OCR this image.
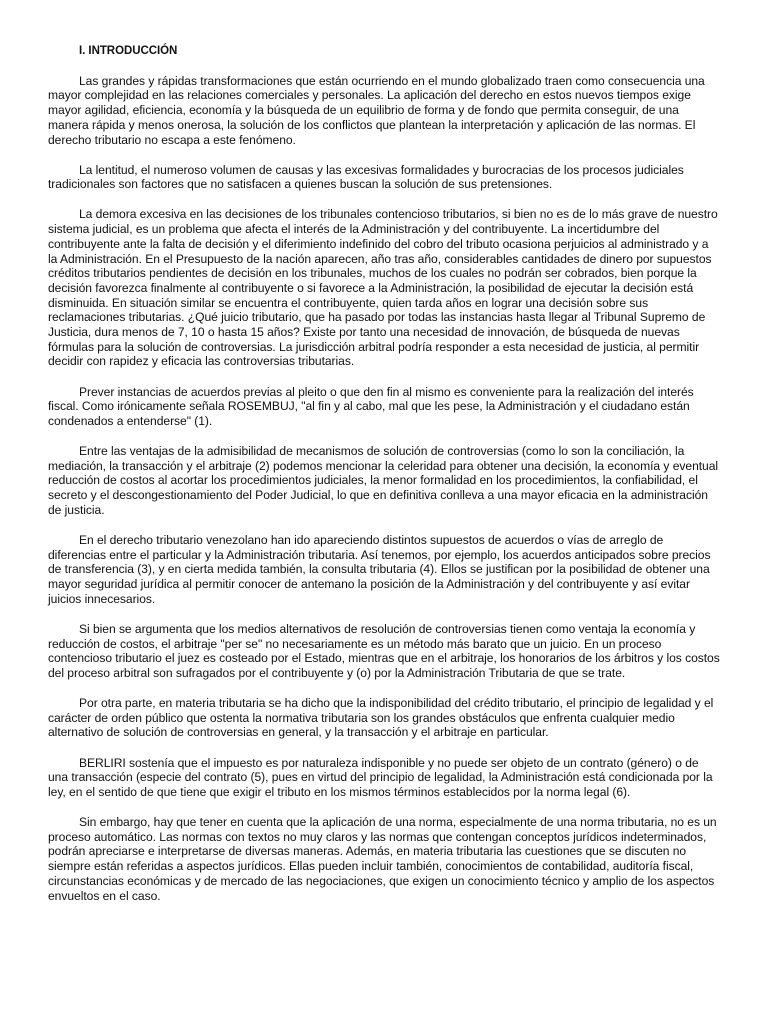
I. INTRODUCCIÓN

Las grandes y rápidas transformaciones que están ocurriendo en el mundo globalizado traen como consecuencia una mayor complejidad en las relaciones comerciales y personales. La aplicación del derecho en estos nuevos tiempos exige mayor agilidad, eficiencia, economía y la búsqueda de un equilibrio de forma y de fondo que permita conseguir, de una manera rápida y menos onerosa, la solución de los conflictos que plantean la interpretación y aplicación de las normas. El derecho tributario no escapa a este fenómeno.

La lentitud, el numeroso volumen de causas y las excesivas formalidades y burocracias de los procesos judiciales tradicionales son factores que no satisfacen a quienes buscan la solución de sus pretensiones.

La demora excesiva en las decisiones de los tribunales contencioso tributarios, si bien no es de lo más grave de nuestro sistema judicial, es un problema que afecta el interés de la Administración y del contribuyente. La incertidumbre del contribuyente ante la falta de decisión y el diferimiento indefinido del cobro del tributo ocasiona perjuicios al administrado y a la Administración. En el Presupuesto de la nación aparecen, año tras año, considerables cantidades de dinero por supuestos créditos tributarios pendientes de decisión en los tribunales, muchos de los cuales no podrán ser cobrados, bien porque la decisión favorezca finalmente al contribuyente o si favorece a la Administración, la posibilidad de ejecutar la decisión está disminuida. En situación similar se encuentra el contribuyente, quien tarda años en lograr una decisión sobre sus reclamaciones tributarias. ¿Qué juicio tributario, que ha pasado por todas las instancias hasta llegar al Tribunal Supremo de Justicia, dura menos de 7, 10 o hasta 15 años? Existe por tanto una necesidad de innovación, de búsqueda de nuevas fórmulas para la solución de controversias. La jurisdicción arbitral podría responder a esta necesidad de justicia, al permitir decidir con rapidez y eficacia las controversias tributarias.

Prever instancias de acuerdos previas al pleito o que den fin al mismo es conveniente para la realización del interés fiscal. Como irónicamente señala ROSEMBUJ, "al fin y al cabo, mal que les pese, la Administración y el ciudadano están condenados a entenderse" (1).

Entre las ventajas de la admisibilidad de mecanismos de solución de controversias (como lo son la conciliación, la mediación, la transacción y el arbitraje (2) podemos mencionar la celeridad para obtener una decisión, la economía y eventual reducción de costos al acortar los procedimientos judiciales, la menor formalidad en los procedimientos, la confiabilidad, el secreto y el descongestionamiento del Poder Judicial, lo que en definitiva conlleva a una mayor eficacia en la administración de justicia.

En el derecho tributario venezolano han ido apareciendo distintos supuestos de acuerdos o vías de arreglo de diferencias entre el particular y la Administración tributaria. Así tenemos, por ejemplo, los acuerdos anticipados sobre precios de transferencia (3), y en cierta medida también, la consulta tributaria (4). Ellos se justifican por la posibilidad de obtener una mayor seguridad jurídica al permitir conocer de antemano la posición de la Administración y del contribuyente y así evitar juicios innecesarios.

Si bien se argumenta que los medios alternativos de resolución de controversias tienen como ventaja la economía y reducción de costos, el arbitraje "per se" no necesariamente es un método más barato que un juicio. En un proceso contencioso tributario el juez es costeado por el Estado, mientras que en el arbitraje, los honorarios de los árbitros y los costos del proceso arbitral son sufragados por el contribuyente y (o) por la Administración Tributaria de que se trate.

Por otra parte, en materia tributaria se ha dicho que la indisponibilidad del crédito tributario, el principio de legalidad y el carácter de orden público que ostenta la normativa tributaria son los grandes obstáculos que enfrenta cualquier medio alternativo de solución de controversias en general, y la transacción y el arbitraje en particular.

BERLIRI sostenía que el impuesto es por naturaleza indisponible y no puede ser objeto de un contrato (género) o de una transacción (especie del contrato (5), pues en virtud del principio de legalidad, la Administración está condicionada por la ley, en el sentido de que tiene que exigir el tributo en los mismos términos establecidos por la norma legal (6).

Sin embargo, hay que tener en cuenta que la aplicación de una norma, especialmente de una norma tributaria, no es un proceso automático. Las normas con textos no muy claros y las normas que contengan conceptos jurídicos indeterminados, podrán apreciarse e interpretarse de diversas maneras. Además, en materia tributaria las cuestiones que se discuten no siempre están referidas a aspectos jurídicos. Ellas pueden incluir también, conocimientos de contabilidad, auditoría fiscal, circunstancias económicas y de mercado de las negociaciones, que exigen un conocimiento técnico y amplio de los aspectos envueltos en el caso.
